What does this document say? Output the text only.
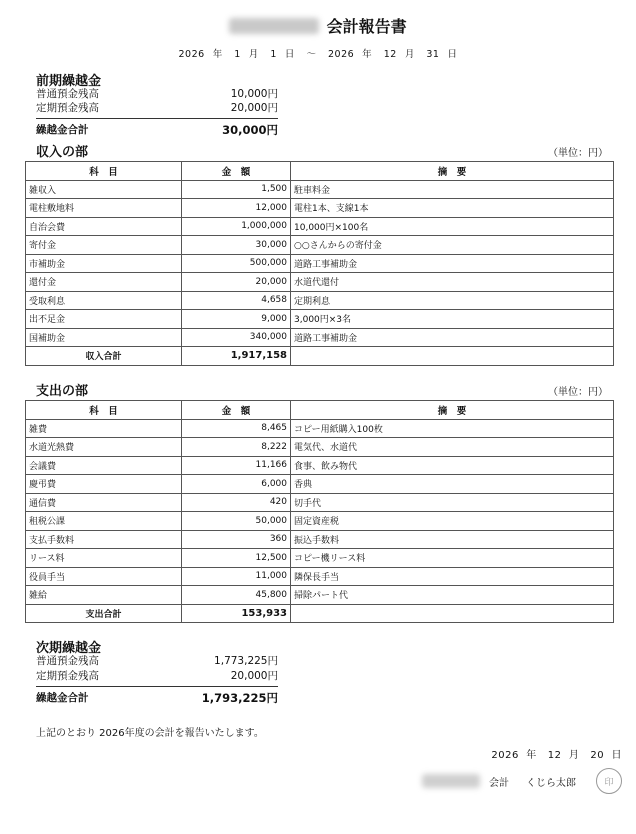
会計報告書
2026 年 1 月 1 日 ～ 2026 年 12 月 31 日
前期繰越金
普通預金残高	10,000円
定期預金残高	20,000円
繰越金合計	30,000円
収入の部	（単位：円）
科　目	金　額	摘　要
雑収入	1,500	駐車料金
電柱敷地料	12,000	電柱1本、支線1本
自治会費	1,000,000	10,000円×100名
寄付金	30,000	○○さんからの寄付金
市補助金	500,000	道路工事補助金
還付金	20,000	水道代還付
受取利息	4,658	定期利息
出不足金	9,000	3,000円×3名
国補助金	340,000	道路工事補助金
収入合計	1,917,158	
支出の部	（単位：円）
科　目	金　額	摘　要
雑費	8,465	コピー用紙購入100枚
水道光熱費	8,222	電気代、水道代
会議費	11,166	食事、飲み物代
慶弔費	6,000	香典
通信費	420	切手代
租税公課	50,000	固定資産税
支払手数料	360	振込手数料
リース料	12,500	コピー機リース料
役員手当	11,000	隣保長手当
雑給	45,800	掃除パート代
支出合計	153,933	
次期繰越金
普通預金残高	1,773,225円
定期預金残高	20,000円
繰越金合計	1,793,225円
上記のとおり 2026年度の会計を報告いたします。
2026 年 12 月 20 日
会計 くじら太郎	印
